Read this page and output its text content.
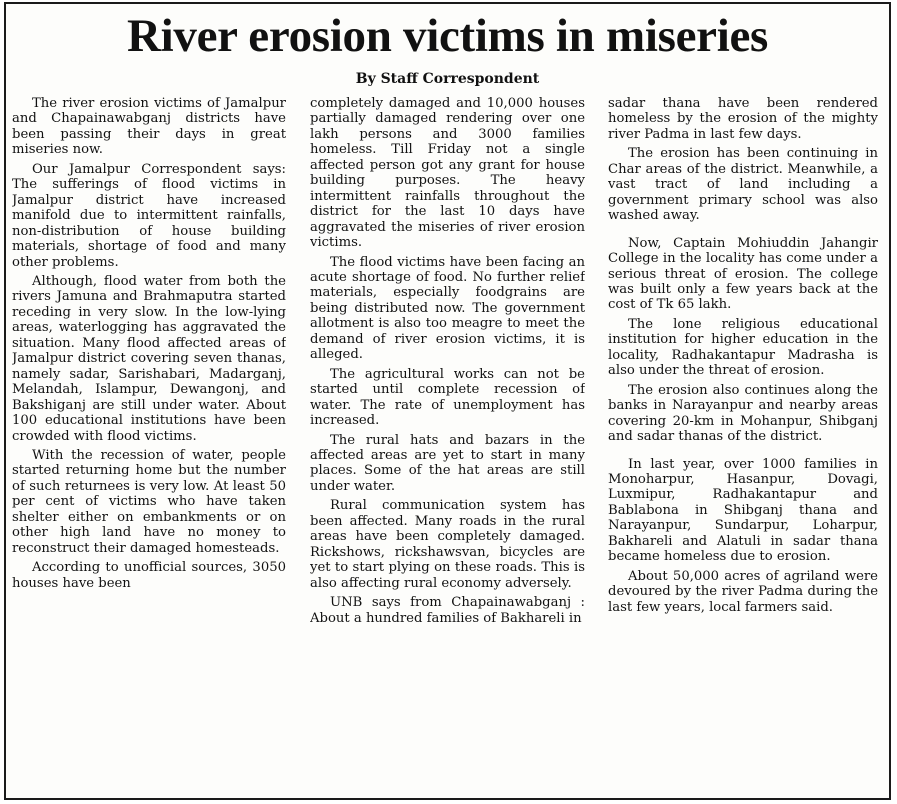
River erosion victims in miseries
By Staff Correspondent

The river erosion victims of Jamalpur and Chapainawabganj districts have been passing their days in great miseries now.

Our Jamalpur Correspondent says: The sufferings of flood victims in Jamalpur district have increased manifold due to intermittent rainfalls, non-distribution of house building materials, shortage of food and many other problems.

Although, flood water from both the rivers Jamuna and Brahmaputra started receding in very slow. In the low-lying areas, waterlogging has aggravated the situation. Many flood affected areas of Jamalpur district covering seven thanas, namely sadar, Sarishabari, Madarganj, Melandah, Islampur, Dewangonj, and Bakshiganj are still under water. About 100 educational institutions have been crowded with flood victims.

With the recession of water, people started returning home but the number of such returnees is very low. At least 50 per cent of victims who have taken shelter either on embankments or on other high land have no money to reconstruct their damaged homesteads.

According to unofficial sources, 3050 houses have been

completely damaged and 10,000 houses partially damaged rendering over one lakh persons and 3000 families homeless. Till Friday not a single affected person got any grant for house building purposes. The heavy intermittent rainfalls throughout the district for the last 10 days have aggravated the miseries of river erosion victims.

The flood victims have been facing an acute shortage of food. No further relief materials, especially foodgrains are being distributed now. The government allotment is also too meagre to meet the demand of river erosion victims, it is alleged.

The agricultural works can not be started until complete recession of water. The rate of unemployment has increased.

The rural hats and bazars in the affected areas are yet to start in many places. Some of the hat areas are still under water.

Rural communication system has been affected. Many roads in the rural areas have been completely damaged. Rickshows, rickshawsvan, bicycles are yet to start plying on these roads. This is also affecting rural economy adversely.

UNB says from Chapainawabganj : About a hundred families of Bakhareli in

sadar thana have been rendered homeless by the erosion of the mighty river Padma in last few days.

The erosion has been continuing in Char areas of the district. Meanwhile, a vast tract of land including a government primary school was also washed away.

Now, Captain Mohiuddin Jahangir College in the locality has come under a serious threat of erosion. The college was built only a few years back at the cost of Tk 65 lakh.

The lone religious educational institution for higher education in the locality, Radhakantapur Madrasha is also under the threat of erosion.

The erosion also continues along the banks in Narayanpur and nearby areas covering 20-km in Mohanpur, Shibganj and sadar thanas of the district.

In last year, over 1000 families in Monoharpur, Hasanpur, Dovagi, Luxmipur, Radhakantapur and Bablabona in Shibganj thana and Narayanpur, Sundarpur, Loharpur, Bakhareli and Alatuli in sadar thana became homeless due to erosion.

About 50,000 acres of agriland were devoured by the river Padma during the last few years, local farmers said.
